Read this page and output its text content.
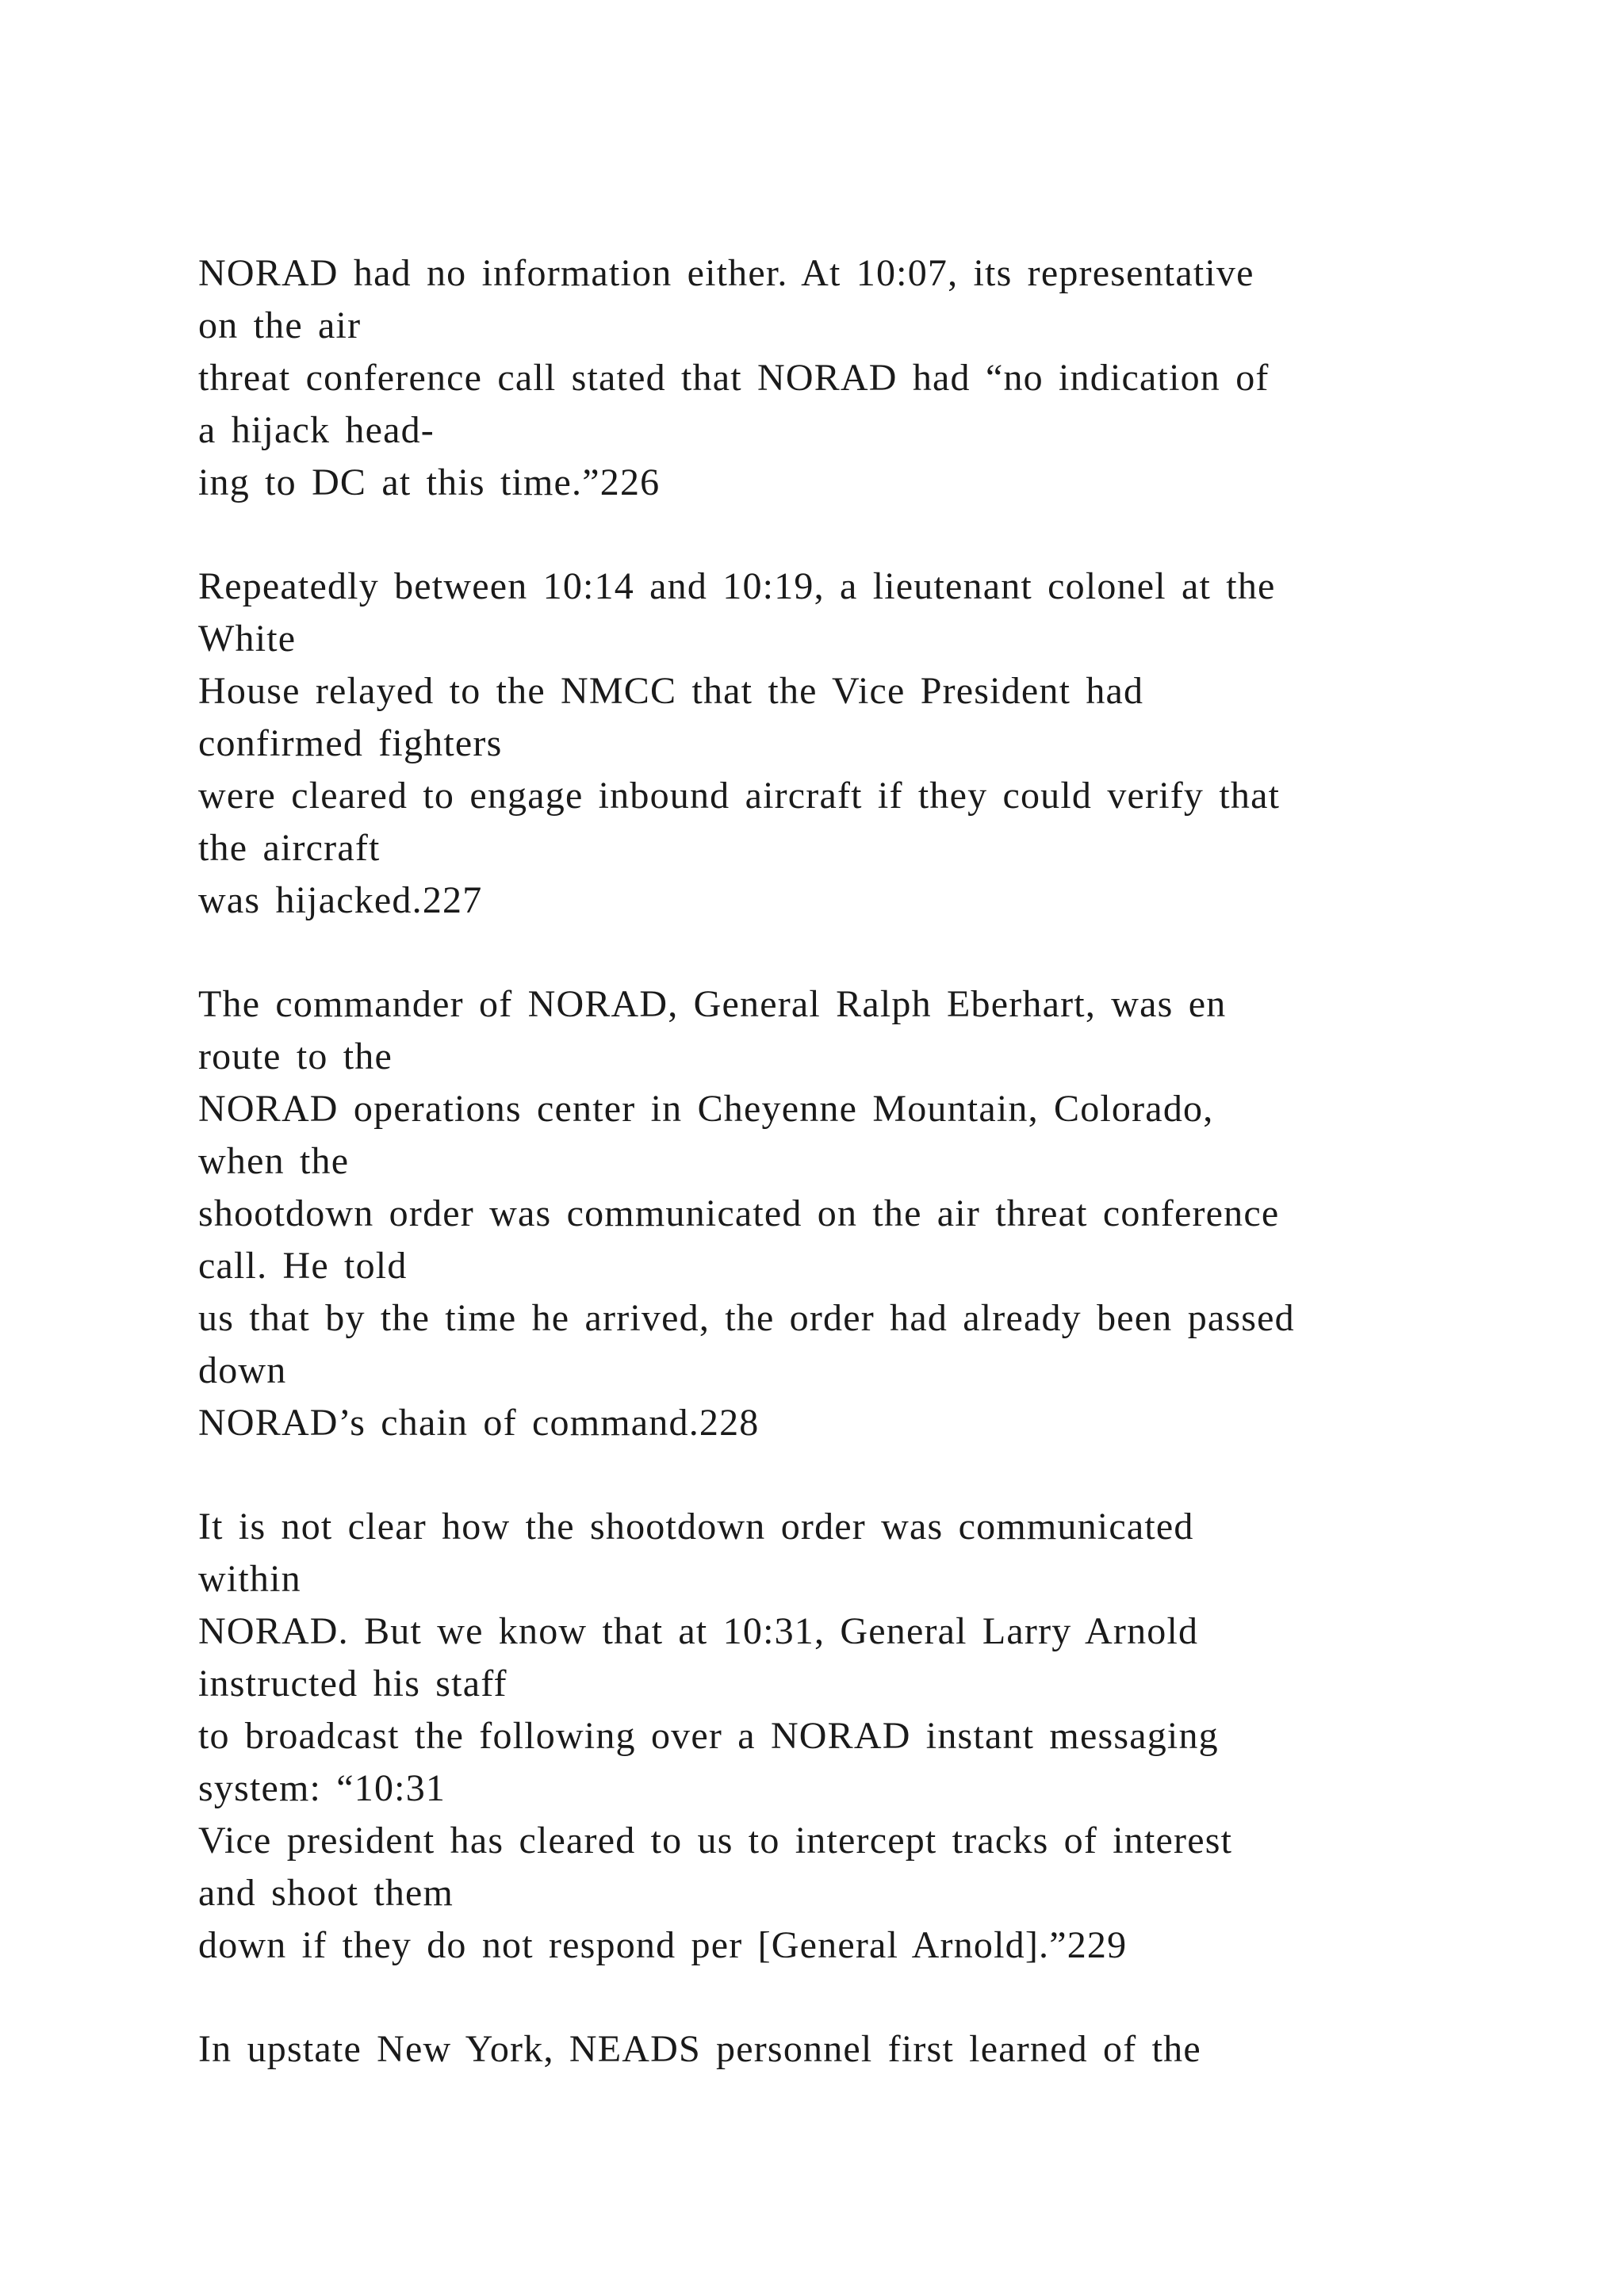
NORAD had no information either. At 10:07, its representative
on the air
threat conference call stated that NORAD had “no indication of
a hijack head-
ing to DC at this time.”226
Repeatedly between 10:14 and 10:19, a lieutenant colonel at the
White
House relayed to the NMCC that the Vice President had
confirmed fighters
were cleared to engage inbound aircraft if they could verify that
the aircraft
was hijacked.227
The commander of NORAD, General Ralph Eberhart, was en
route to the
NORAD operations center in Cheyenne Mountain, Colorado,
when the
shootdown order was communicated on the air threat conference
call. He told
us that by the time he arrived, the order had already been passed
down
NORAD’s chain of command.228
It is not clear how the shootdown order was communicated
within
NORAD. But we know that at 10:31, General Larry Arnold
instructed his staff
to broadcast the following over a NORAD instant messaging
system: “10:31
Vice president has cleared to us to intercept tracks of interest
and shoot them
down if they do not respond per [General Arnold].”229
In upstate New York, NEADS personnel first learned of the
